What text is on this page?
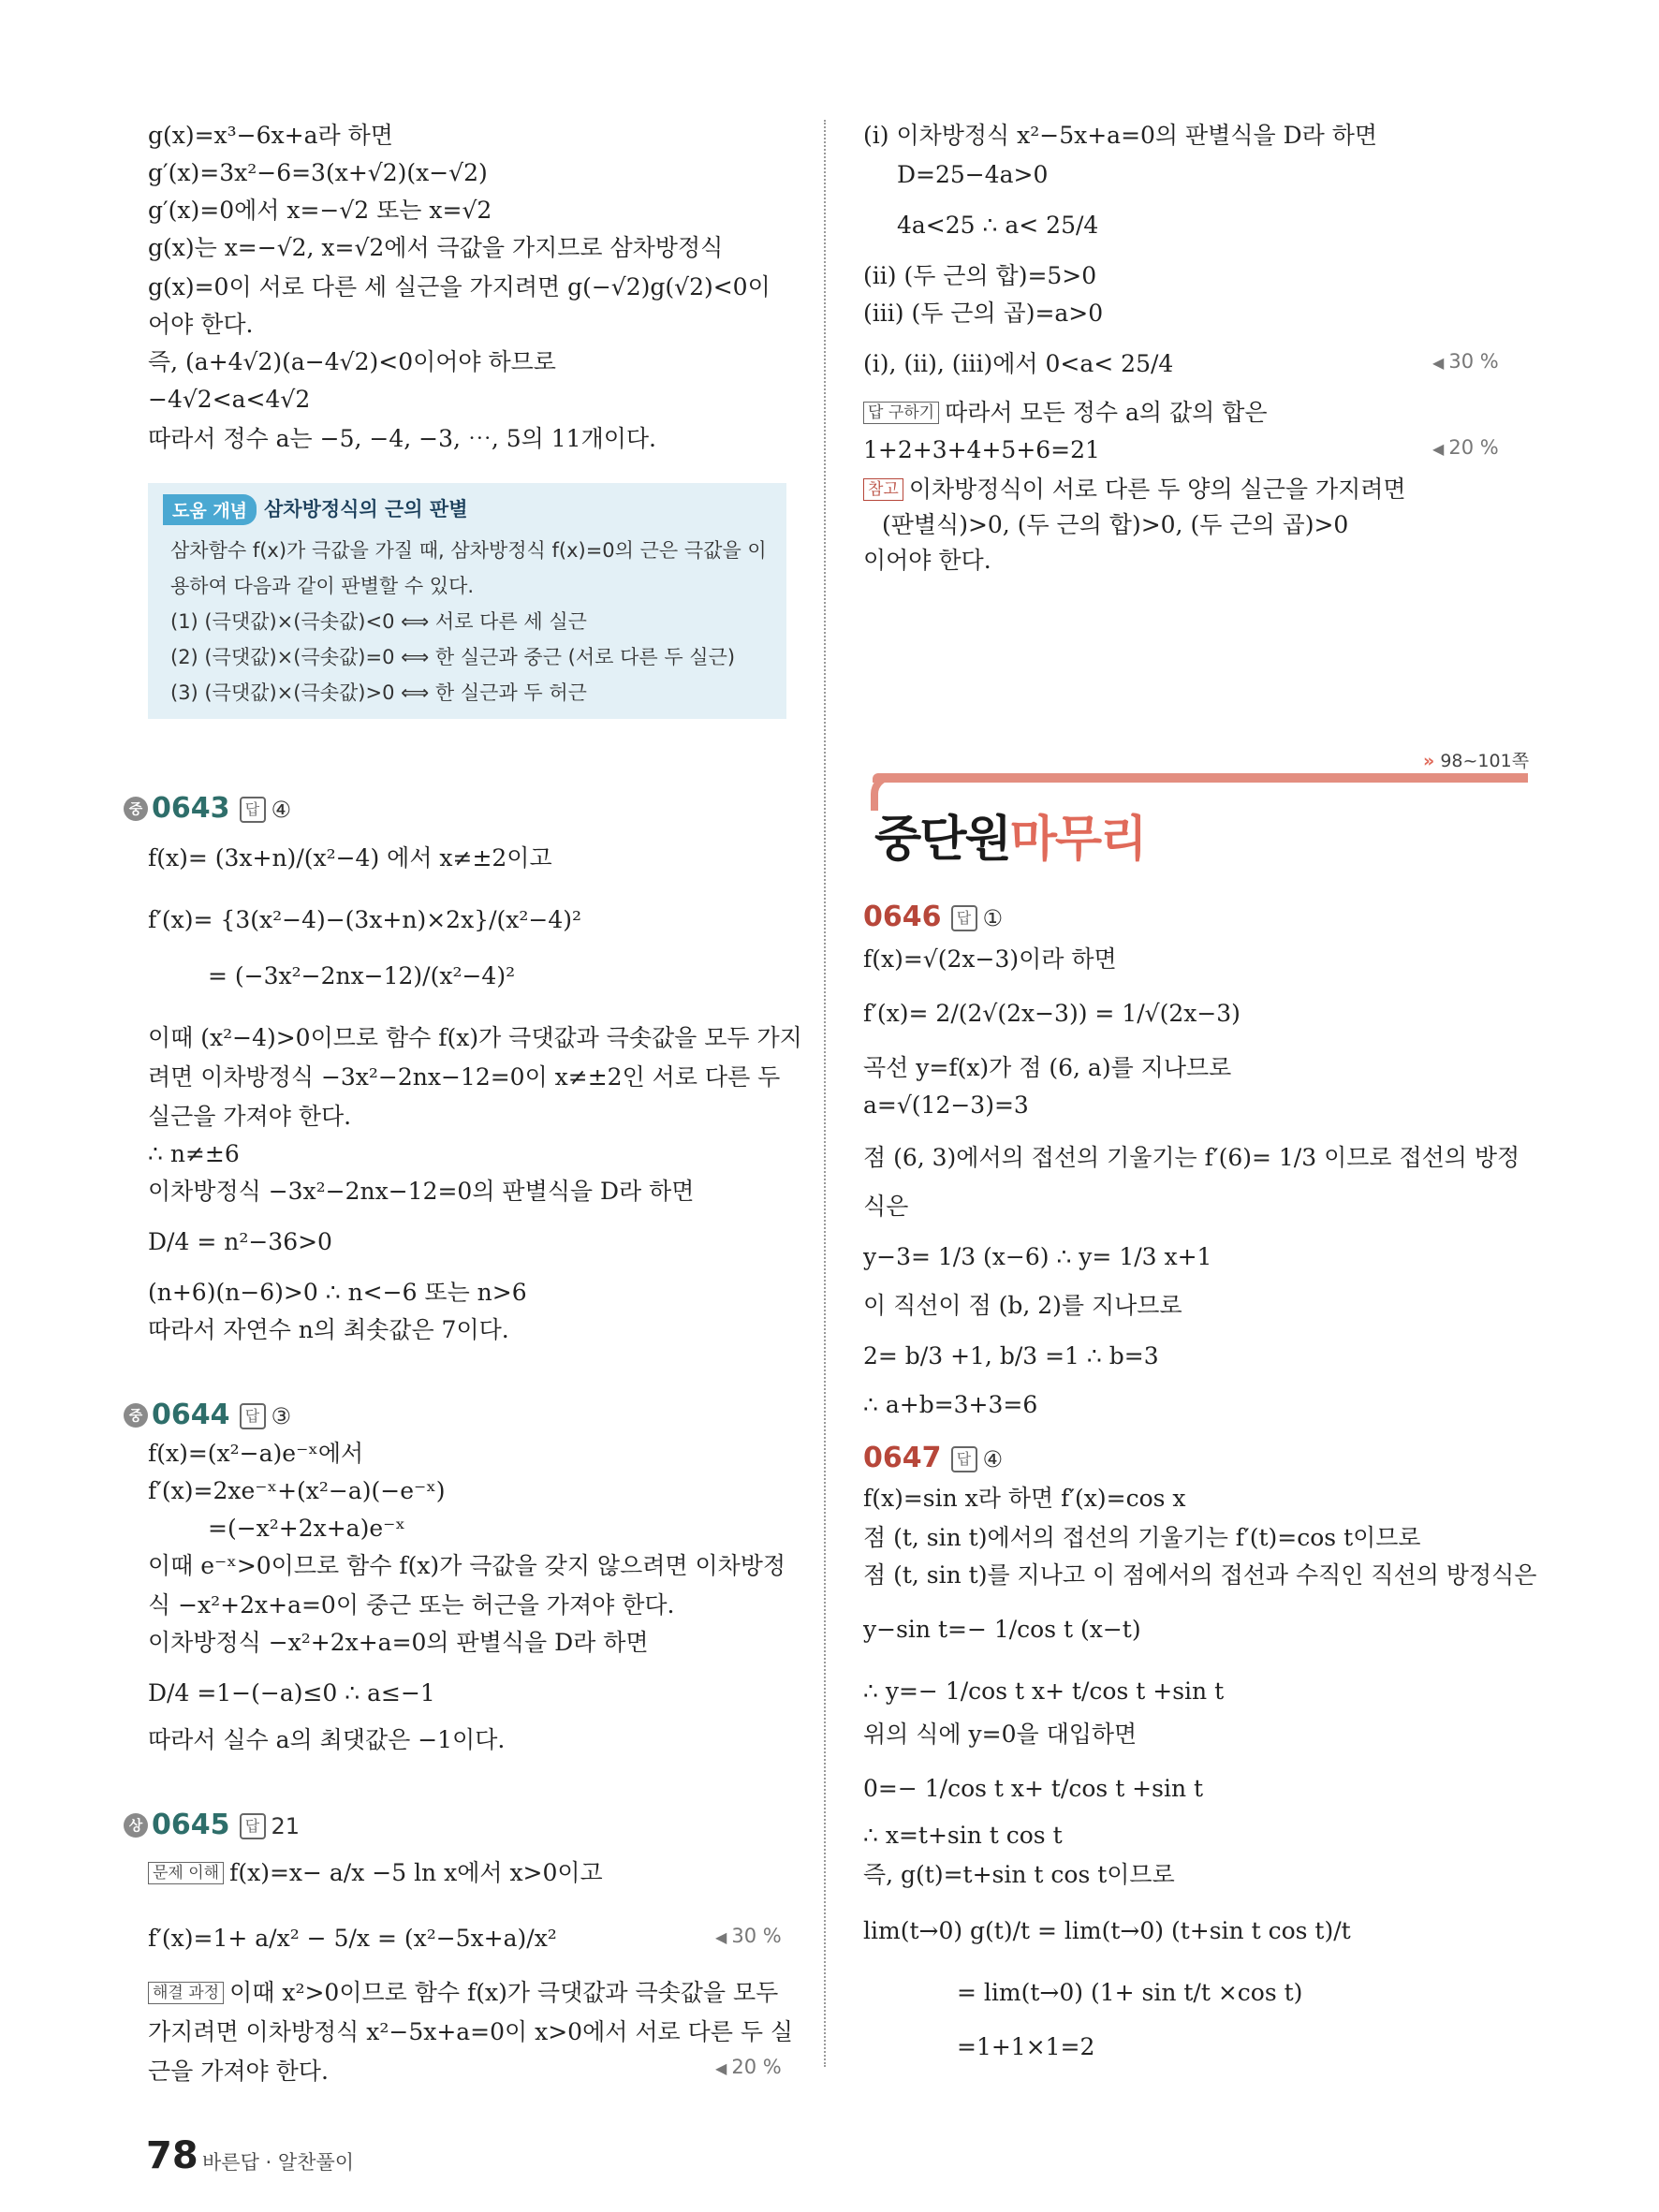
g(x)=x³−6x+a라 하면
g′(x)=3x²−6=3(x+√2)(x−√2)
g′(x)=0에서 x=−√2 또는 x=√2
g(x)는 x=−√2, x=√2에서 극값을 가지므로 삼차방정식
g(x)=0이 서로 다른 세 실근을 가지려면 g(−√2)g(√2)<0이
어야 한다.
즉, (a+4√2)(a−4√2)<0이어야 하므로
−4√2<a<4√2
따라서 정수 a는 −5, −4, −3, ⋯, 5의 11개이다.
도움 개념 삼차방정식의 근의 판별
삼차함수 f(x)가 극값을 가질 때, 삼차방정식 f(x)=0의 근은 극값을 이
용하여 다음과 같이 판별할 수 있다.
(1) (극댓값)×(극솟값)<0 ⟺ 서로 다른 세 실근
(2) (극댓값)×(극솟값)=0 ⟺ 한 실근과 중근 (서로 다른 두 실근)
(3) (극댓값)×(극솟값)>0 ⟺ 한 실근과 두 허근
중 0643 답 ④
f(x)= (3x+n)/(x²−4) 에서 x≠±2이고
f′(x)= {3(x²−4)−(3x+n)×2x}/(x²−4)²
= (−3x²−2nx−12)/(x²−4)²
이때 (x²−4)>0이므로 함수 f(x)가 극댓값과 극솟값을 모두 가지
려면 이차방정식 −3x²−2nx−12=0이 x≠±2인 서로 다른 두
실근을 가져야 한다.
∴ n≠±6
이차방정식 −3x²−2nx−12=0의 판별식을 D라 하면
D/4 = n²−36>0
(n+6)(n−6)>0 ∴ n<−6 또는 n>6
따라서 자연수 n의 최솟값은 7이다.
중 0644 답 ③
f(x)=(x²−a)e⁻ˣ에서
f′(x)=2xe⁻ˣ+(x²−a)(−e⁻ˣ)
=(−x²+2x+a)e⁻ˣ
이때 e⁻ˣ>0이므로 함수 f(x)가 극값을 갖지 않으려면 이차방정
식 −x²+2x+a=0이 중근 또는 허근을 가져야 한다.
이차방정식 −x²+2x+a=0의 판별식을 D라 하면
D/4 =1−(−a)≤0 ∴ a≤−1
따라서 실수 a의 최댓값은 −1이다.
상 0645 답 21
문제 이해 f(x)=x− a/x −5 ln x에서 x>0이고
f′(x)=1+ a/x² − 5/x = (x²−5x+a)/x²	◀ 30 %
해결 과정 이때 x²>0이므로 함수 f(x)가 극댓값과 극솟값을 모두
가지려면 이차방정식 x²−5x+a=0이 x>0에서 서로 다른 두 실
근을 가져야 한다.	◀ 20 %
(i) 이차방정식 x²−5x+a=0의 판별식을 D라 하면
D=25−4a>0
4a<25 ∴ a< 25/4
(ii) (두 근의 합)=5>0
(iii) (두 근의 곱)=a>0
(i), (ii), (iii)에서 0<a< 25/4	◀ 30 %
답 구하기 따라서 모든 정수 a의 값의 합은
1+2+3+4+5+6=21	◀ 20 %
참고 이차방정식이 서로 다른 두 양의 실근을 가지려면
(판별식)>0, (두 근의 합)>0, (두 근의 곱)>0
이어야 한다.
» 98~101쪽
중단원마무리
0646 답 ①
f(x)=√(2x−3)이라 하면
f′(x)= 2/(2√(2x−3)) = 1/√(2x−3)
곡선 y=f(x)가 점 (6, a)를 지나므로
a=√(12−3)=3
점 (6, 3)에서의 접선의 기울기는 f′(6)= 1/3 이므로 접선의 방정
식은
y−3= 1/3 (x−6) ∴ y= 1/3 x+1
이 직선이 점 (b, 2)를 지나므로
2= b/3 +1, b/3 =1 ∴ b=3
∴ a+b=3+3=6
0647 답 ④
f(x)=sin x라 하면 f′(x)=cos x
점 (t, sin t)에서의 접선의 기울기는 f′(t)=cos t이므로
점 (t, sin t)를 지나고 이 점에서의 접선과 수직인 직선의 방정식은
y−sin t=− 1/cos t (x−t)
∴ y=− 1/cos t x+ t/cos t +sin t
위의 식에 y=0을 대입하면
0=− 1/cos t x+ t/cos t +sin t
∴ x=t+sin t cos t
즉, g(t)=t+sin t cos t이므로
lim(t→0) g(t)/t = lim(t→0) (t+sin t cos t)/t
= lim(t→0) (1+ sin t/t ×cos t)
=1+1×1=2
78 바른답 · 알찬풀이
